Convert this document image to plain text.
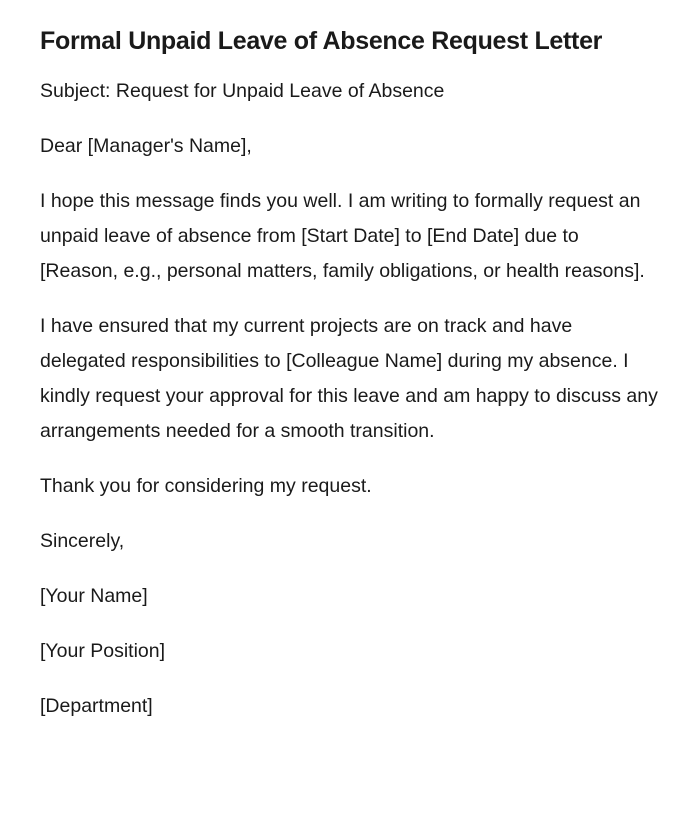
Formal Unpaid Leave of Absence Request Letter

Subject: Request for Unpaid Leave of Absence

Dear [Manager's Name],

I hope this message finds you well. I am writing to formally request an unpaid leave of absence from [Start Date] to [End Date] due to [Reason, e.g., personal matters, family obligations, or health reasons].

I have ensured that my current projects are on track and have delegated responsibilities to [Colleague Name] during my absence. I kindly request your approval for this leave and am happy to discuss any arrangements needed for a smooth transition.

Thank you for considering my request.

Sincerely,

[Your Name]

[Your Position]

[Department]
